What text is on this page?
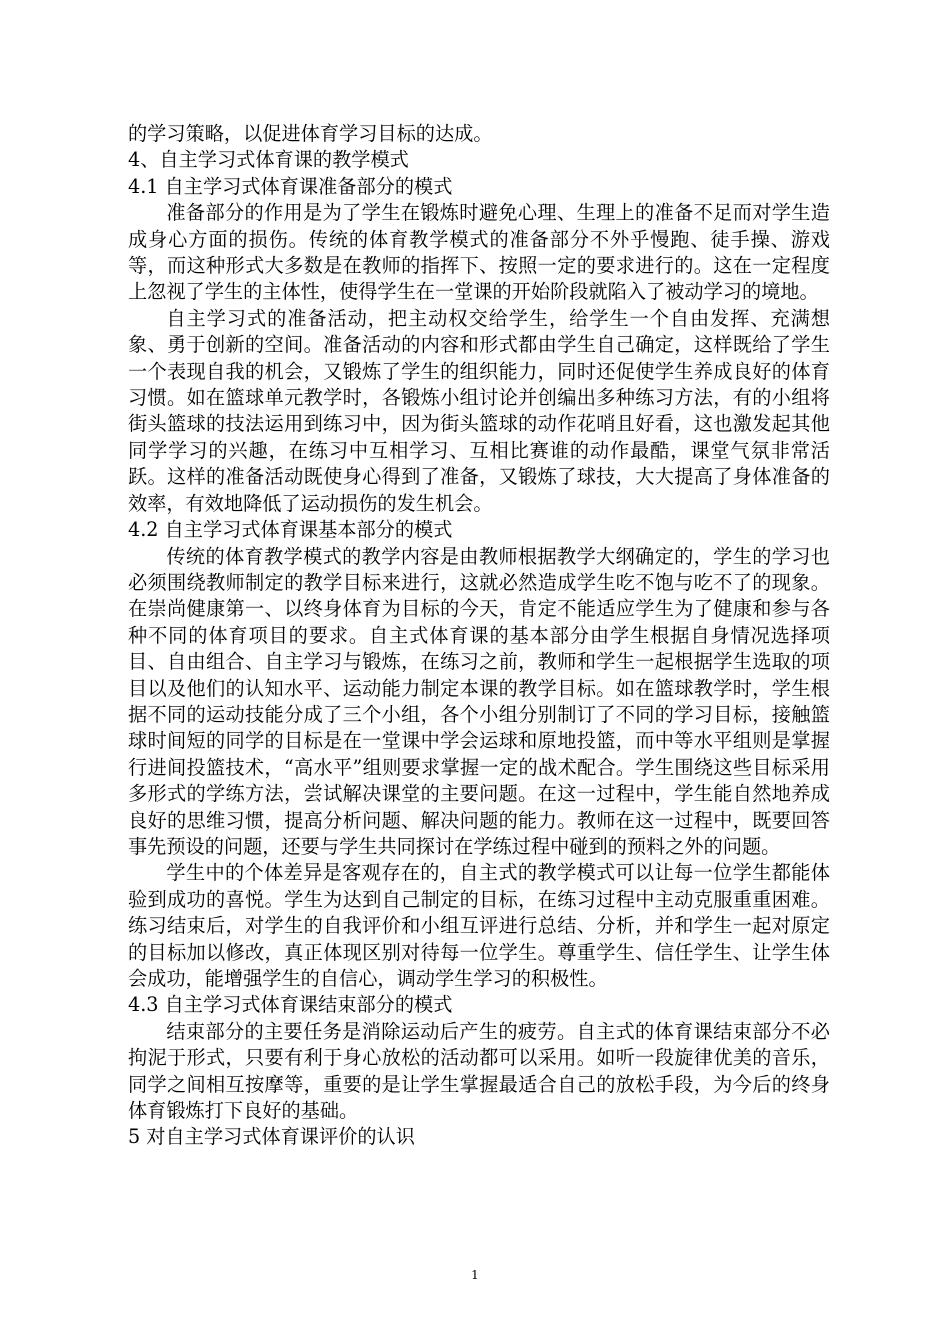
的学习策略，以促进体育学习目标的达成。

4、自主学习式体育课的教学模式

4.1 自主学习式体育课准备部分的模式

准备部分的作用是为了学生在锻炼时避免心理、生理上的准备不足而对学生造成身心方面的损伤。传统的体育教学模式的准备部分不外乎慢跑、徒手操、游戏等，而这种形式大多数是在教师的指挥下、按照一定的要求进行的。这在一定程度上忽视了学生的主体性，使得学生在一堂课的开始阶段就陷入了被动学习的境地。

自主学习式的准备活动，把主动权交给学生，给学生一个自由发挥、充满想象、勇于创新的空间。准备活动的内容和形式都由学生自己确定，这样既给了学生一个表现自我的机会，又锻炼了学生的组织能力，同时还促使学生养成良好的体育习惯。如在篮球单元教学时，各锻炼小组讨论并创编出多种练习方法，有的小组将街头篮球的技法运用到练习中，因为街头篮球的动作花哨且好看，这也激发起其他同学学习的兴趣，在练习中互相学习、互相比赛谁的动作最酷，课堂气氛非常活跃。这样的准备活动既使身心得到了准备，又锻炼了球技，大大提高了身体准备的效率，有效地降低了运动损伤的发生机会。

4.2 自主学习式体育课基本部分的模式

传统的体育教学模式的教学内容是由教师根据教学大纲确定的，学生的学习也必须围绕教师制定的教学目标来进行，这就必然造成学生吃不饱与吃不了的现象。在崇尚健康第一、以终身体育为目标的今天，肯定不能适应学生为了健康和参与各种不同的体育项目的要求。自主式体育课的基本部分由学生根据自身情况选择项目、自由组合、自主学习与锻炼，在练习之前，教师和学生一起根据学生选取的项目以及他们的认知水平、运动能力制定本课的教学目标。如在篮球教学时，学生根据不同的运动技能分成了三个小组，各个小组分别制订了不同的学习目标，接触篮球时间短的同学的目标是在一堂课中学会运球和原地投篮，而中等水平组则是掌握行进间投篮技术，“高水平”组则要求掌握一定的战术配合。学生围绕这些目标采用多形式的学练方法，尝试解决课堂的主要问题。在这一过程中，学生能自然地养成良好的思维习惯，提高分析问题、解决问题的能力。教师在这一过程中，既要回答事先预设的问题，还要与学生共同探讨在学练过程中碰到的预料之外的问题。

学生中的个体差异是客观存在的，自主式的教学模式可以让每一位学生都能体验到成功的喜悦。学生为达到自己制定的目标，在练习过程中主动克服重重困难。练习结束后，对学生的自我评价和小组互评进行总结、分析，并和学生一起对原定的目标加以修改，真正体现区别对待每一位学生。尊重学生、信任学生、让学生体会成功，能增强学生的自信心，调动学生学习的积极性。

4.3 自主学习式体育课结束部分的模式

结束部分的主要任务是消除运动后产生的疲劳。自主式的体育课结束部分不必拘泥于形式，只要有利于身心放松的活动都可以采用。如听一段旋律优美的音乐，同学之间相互按摩等，重要的是让学生掌握最适合自己的放松手段，为今后的终身体育锻炼打下良好的基础。

5 对自主学习式体育课评价的认识

1
